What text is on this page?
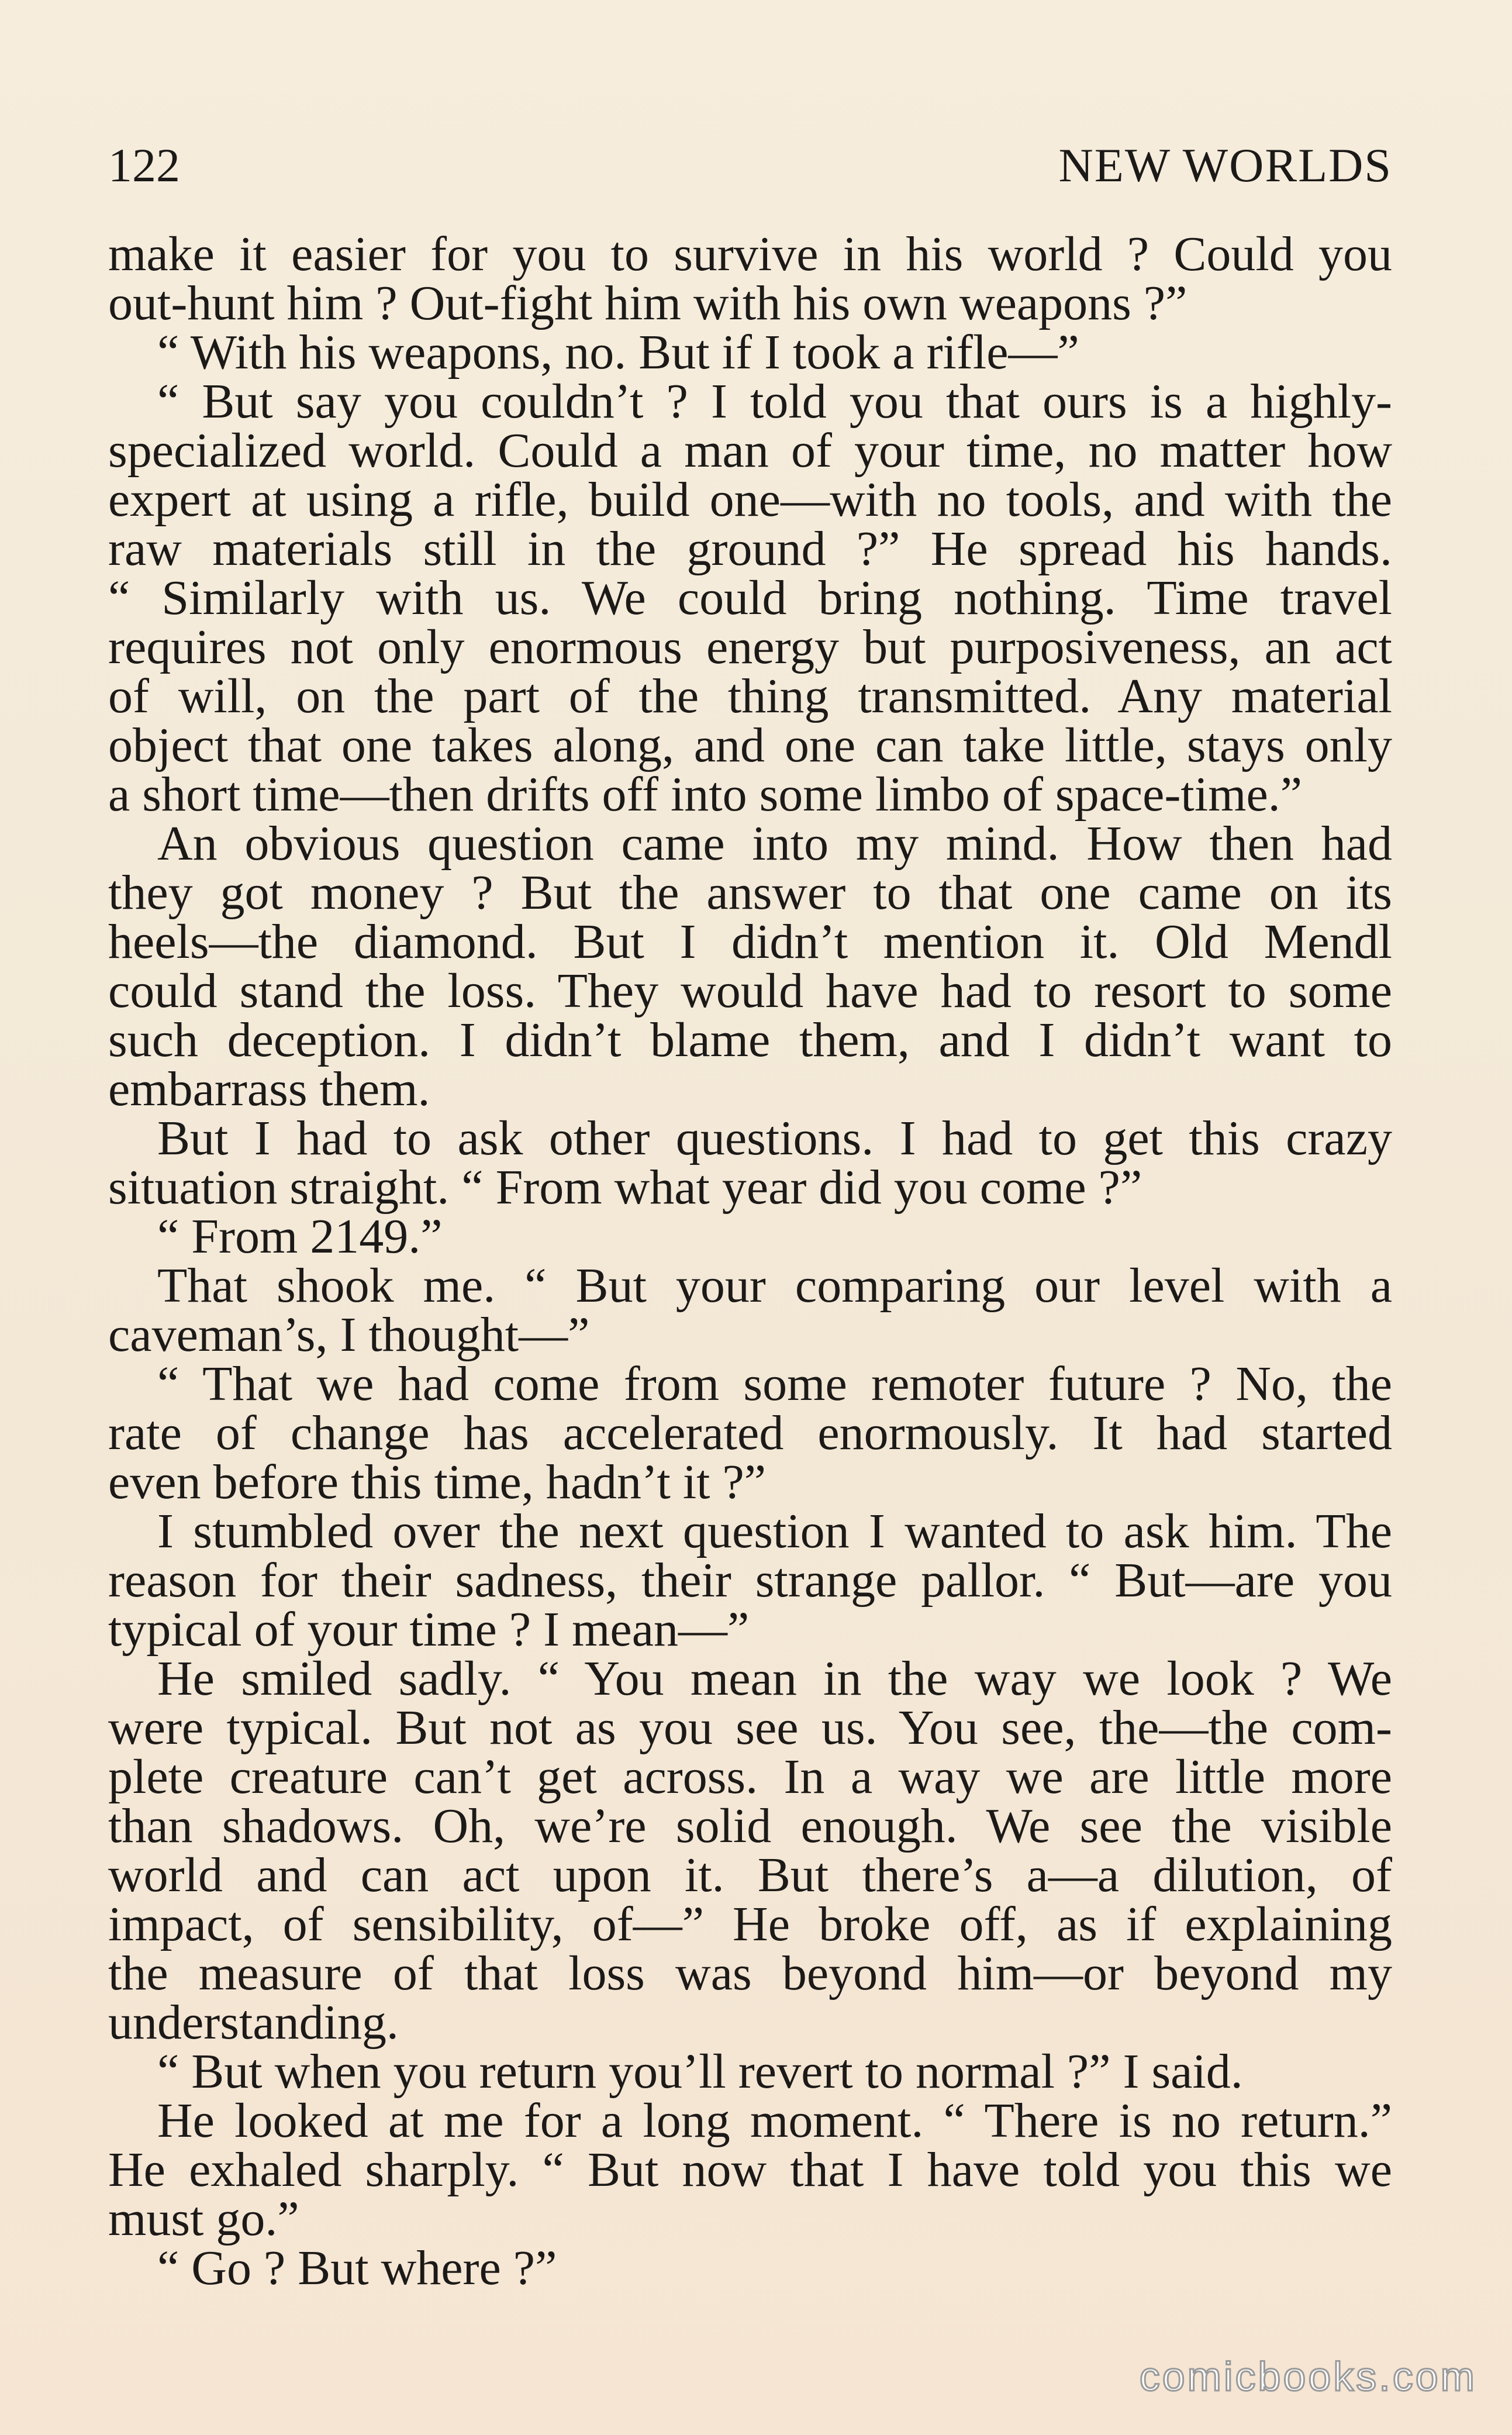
122	NEW WORLDS
make it easier for you to survive in his world ? Could you
out-hunt him ? Out-fight him with his own weapons ?”
“ With his weapons, no. But if I took a rifle—”
“ But say you couldn’t ? I told you that ours is a highly-
specialized world. Could a man of your time, no matter how
expert at using a rifle, build one—with no tools, and with the
raw materials still in the ground ?” He spread his hands.
“ Similarly with us. We could bring nothing. Time travel
requires not only enormous energy but purposiveness, an act
of will, on the part of the thing transmitted. Any material
object that one takes along, and one can take little, stays only
a short time—then drifts off into some limbo of space-time.”
An obvious question came into my mind. How then had
they got money ? But the answer to that one came on its
heels—the diamond. But I didn’t mention it. Old Mendl
could stand the loss. They would have had to resort to some
such deception. I didn’t blame them, and I didn’t want to
embarrass them.
But I had to ask other questions. I had to get this crazy
situation straight. “ From what year did you come ?”
“ From 2149.”
That shook me. “ But your comparing our level with a
caveman’s, I thought—”
“ That we had come from some remoter future ? No, the
rate of change has accelerated enormously. It had started
even before this time, hadn’t it ?”
I stumbled over the next question I wanted to ask him. The
reason for their sadness, their strange pallor. “ But—are you
typical of your time ? I mean—”
He smiled sadly. “ You mean in the way we look ? We
were typical. But not as you see us. You see, the—the com-
plete creature can’t get across. In a way we are little more
than shadows. Oh, we’re solid enough. We see the visible
world and can act upon it. But there’s a—a dilution, of
impact, of sensibility, of—” He broke off, as if explaining
the measure of that loss was beyond him—or beyond my
understanding.
“ But when you return you’ll revert to normal ?” I said.
He looked at me for a long moment. “ There is no return.”
He exhaled sharply. “ But now that I have told you this we
must go.”
“ Go ? But where ?”
comicbooks.com
